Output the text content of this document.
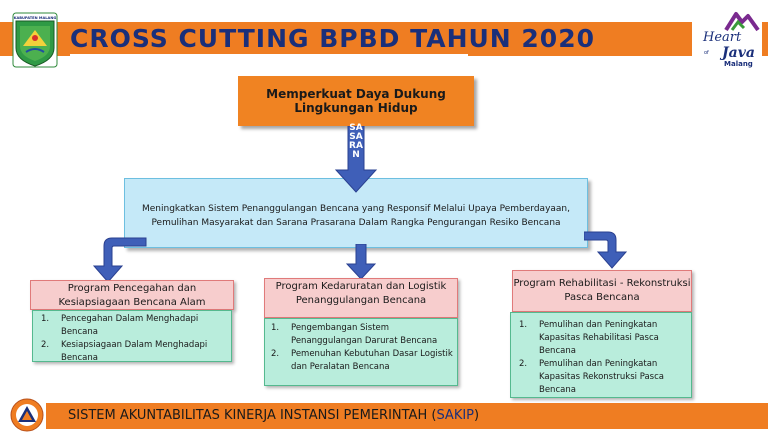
CROSS CUTTING BPBD TAHUN 2020
KABUPATEN MALANG
Heart
of Java
Malang
Memperkuat Daya Dukung Lingkungan Hidup
Meningkatkan Sistem Penanggulangan Bencana yang Responsif Melalui Upaya Pemberdayaan, Pemulihan Masyarakat dan Sarana Prasarana Dalam Rangka Pengurangan Resiko Bencana
SASARAN
Program Pencegahan dan Kesiapsiagaan Bencana Alam
1.	Pencegahan Dalam Menghadapi Bencana
2.	Kesiapsiagaan Dalam Menghadapi Bencana
Program Kedaruratan dan Logistik Penanggulangan Bencana
1.	Pengembangan Sistem Penanggulangan Darurat Bencana
2.	Pemenuhan Kebutuhan Dasar Logistik dan Peralatan Bencana
Program Rehabilitasi - Rekonstruksi Pasca Bencana
1.	Pemulihan dan Peningkatan Kapasitas Rehabilitasi Pasca Bencana
2.	Pemulihan dan Peningkatan Kapasitas Rekonstruksi Pasca Bencana
SISTEM AKUNTABILITAS KINERJA INSTANSI PEMERINTAH (SAKIP)
